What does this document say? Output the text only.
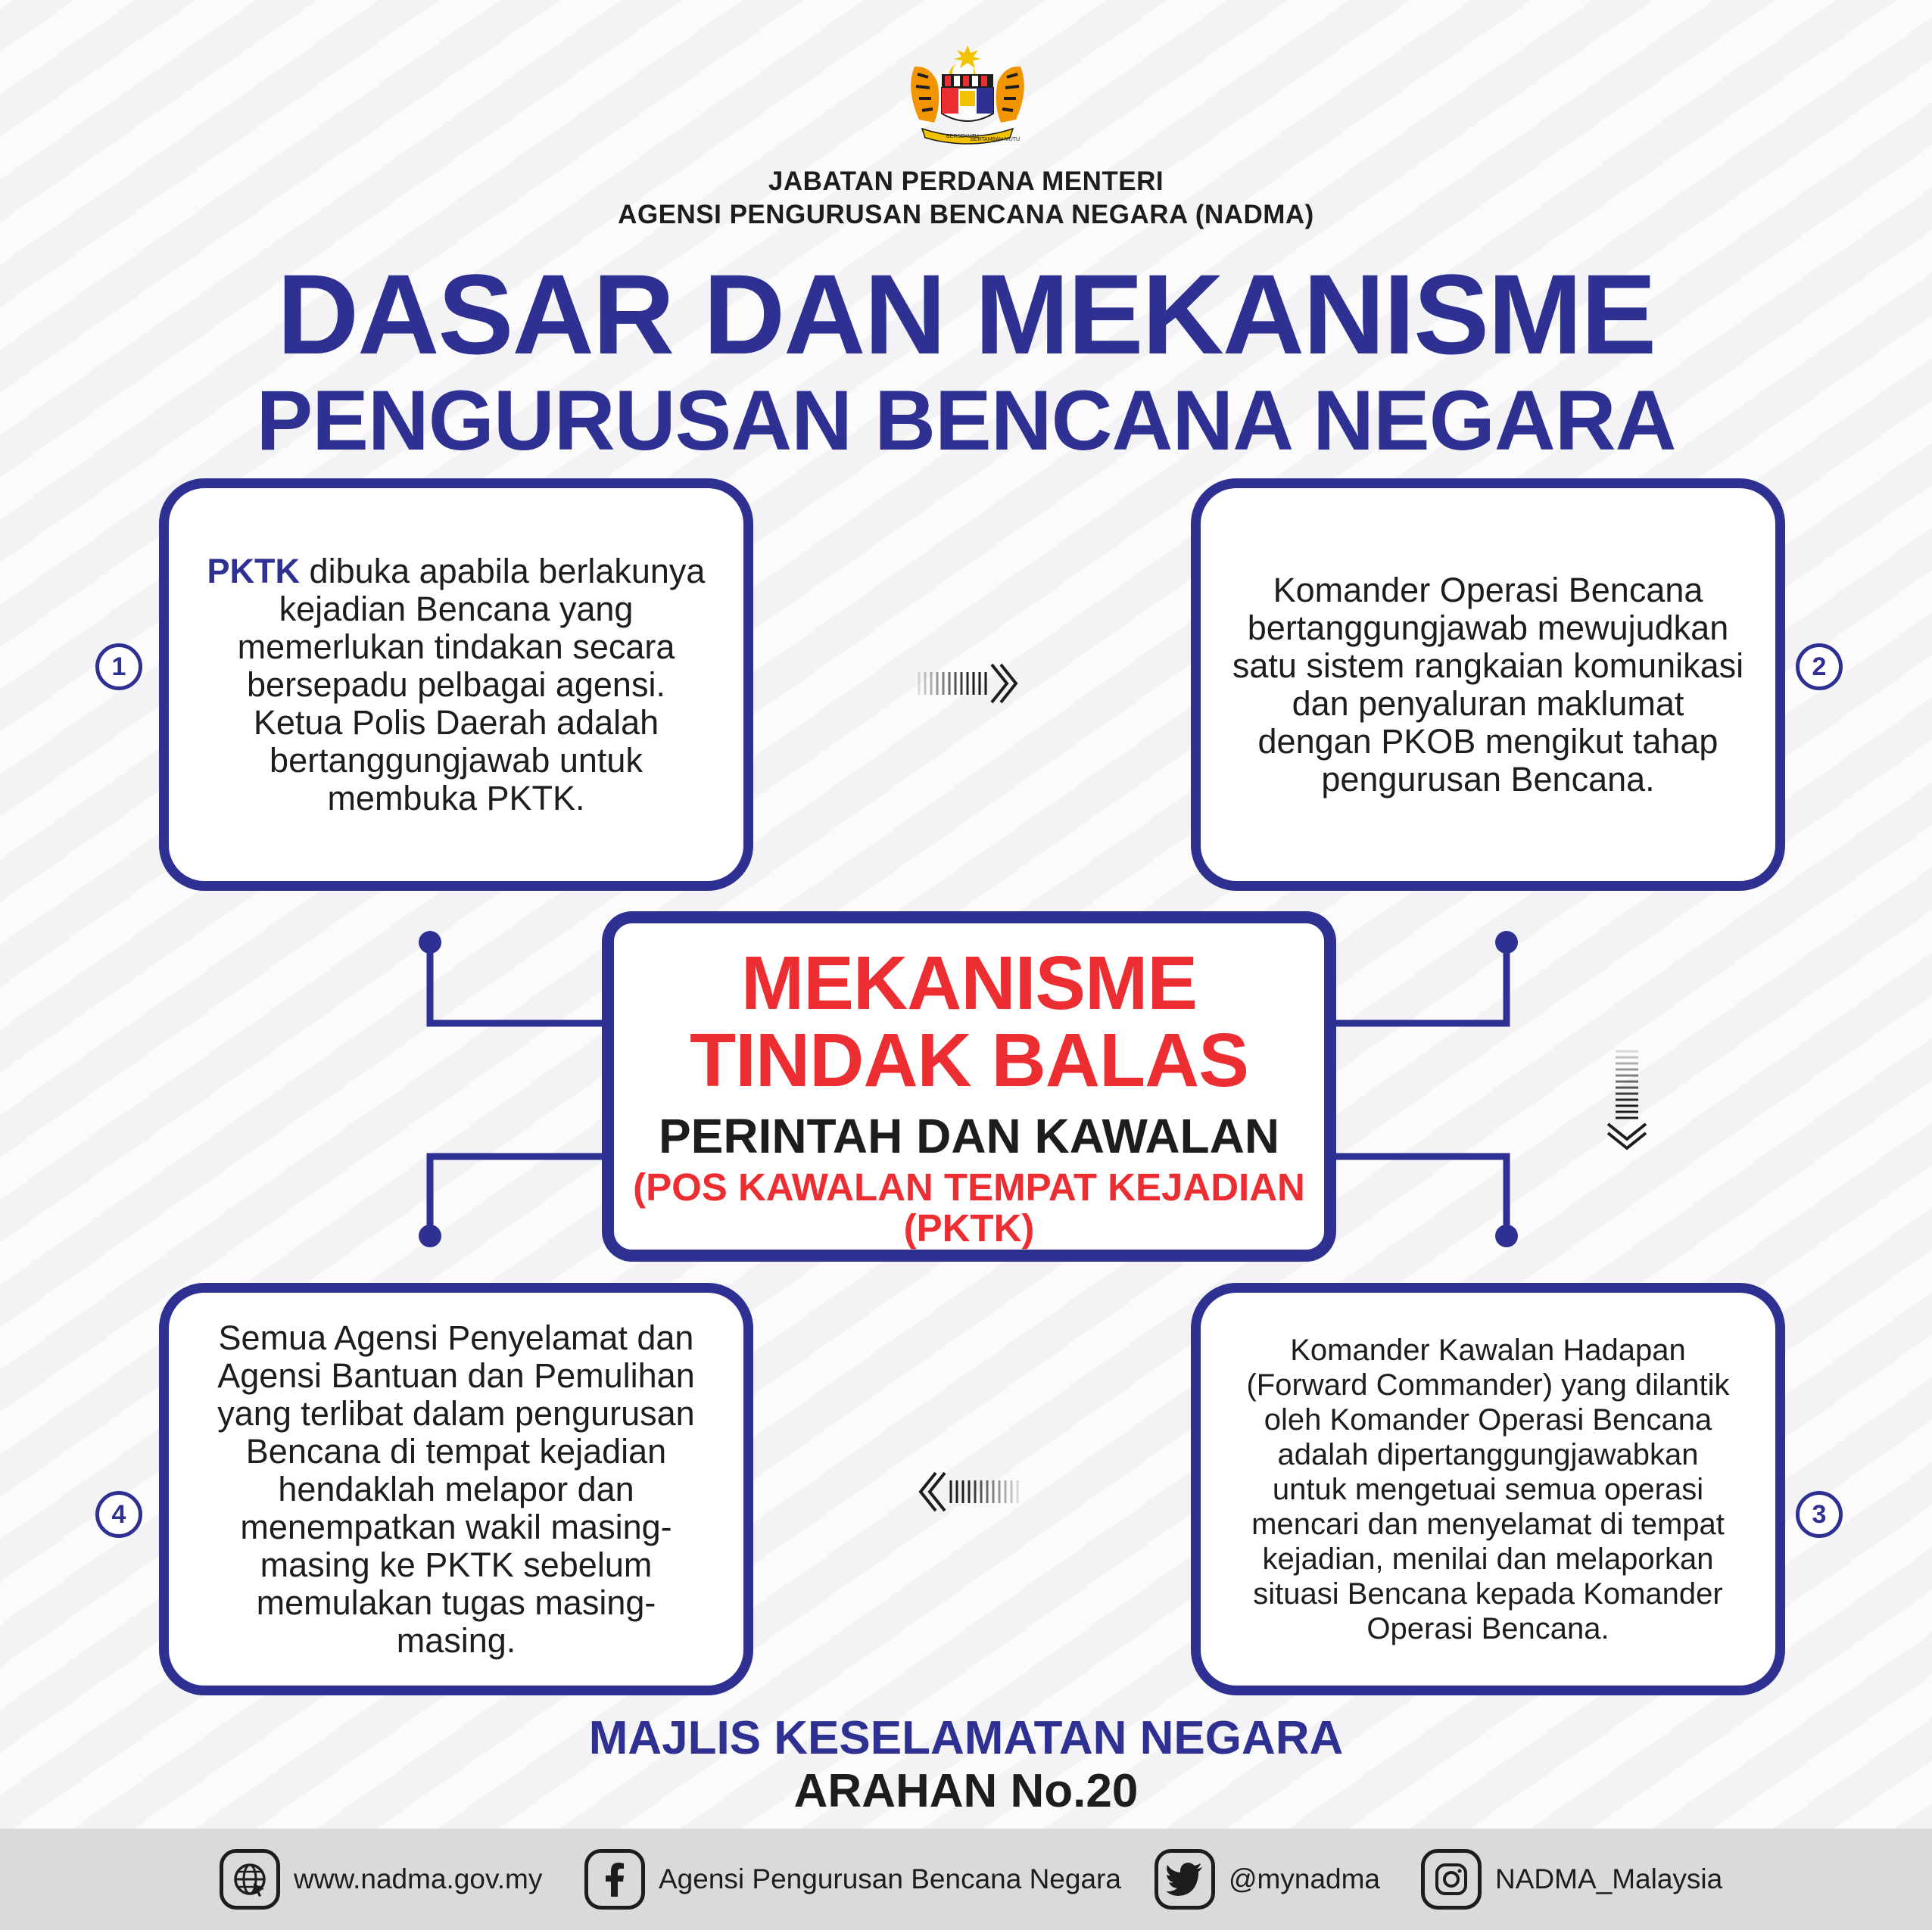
BERSEKUTU
BERTAMBAH MUTU
JABATAN PERDANA MENTERI
AGENSI PENGURUSAN BENCANA NEGARA (NADMA)
DASAR DAN MEKANISME
PENGURUSAN BENCANA NEGARA
PKTK dibuka apabila berlakunya kejadian Bencana yang memerlukan tindakan secara bersepadu pelbagai agensi. Ketua Polis Daerah adalah bertanggungjawab untuk membuka PKTK.
Komander Operasi Bencana bertanggungjawab mewujudkan satu sistem rangkaian komunikasi dan penyaluran maklumat dengan PKOB mengikut tahap pengurusan Bencana.
Komander Kawalan Hadapan (Forward Commander) yang dilantik oleh Komander Operasi Bencana adalah dipertanggungjawabkan untuk mengetuai semua operasi mencari dan menyelamat di tempat kejadian, menilai dan melaporkan situasi Bencana kepada Komander Operasi Bencana.
Semua Agensi Penyelamat dan Agensi Bantuan dan Pemulihan yang terlibat dalam pengurusan Bencana di tempat kejadian hendaklah melapor dan menempatkan wakil masing-masing ke PKTK sebelum memulakan tugas masing-masing.
1	2
3
4
MEKANISME
TINDAK BALAS
PERINTAH DAN KAWALAN
(POS KAWALAN TEMPAT KEJADIAN
(PKTK)
MAJLIS KESELAMATAN NEGARA
ARAHAN No.20
www.nadma.gov.my	Agensi Pengurusan Bencana Negara	@mynadma	NADMA_Malaysia
